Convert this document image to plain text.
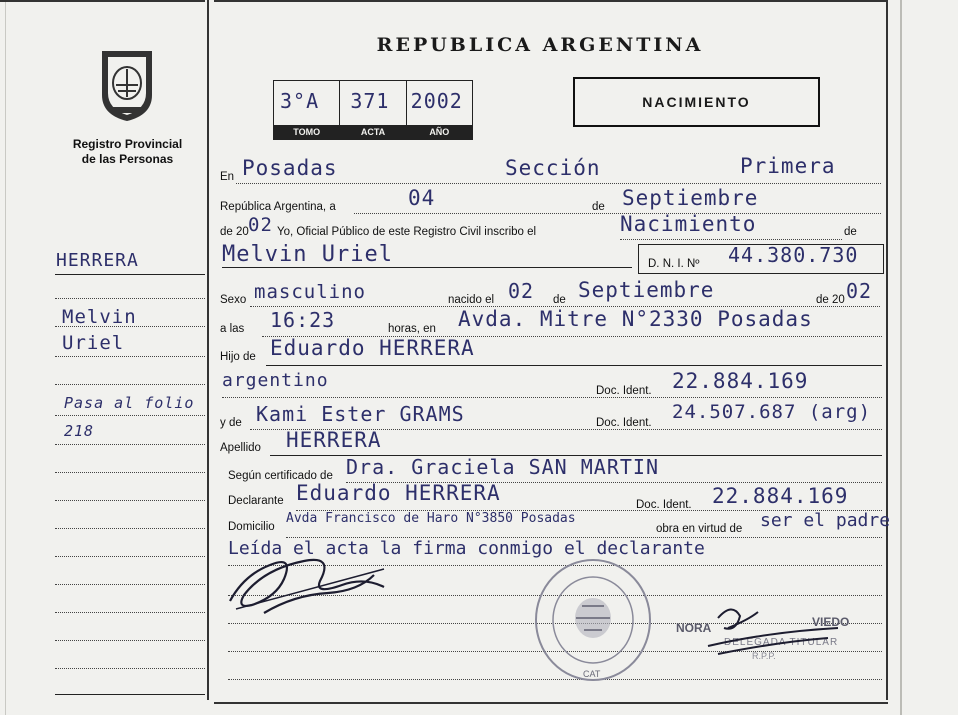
Registro Provincial
de las Personas
HERRERA
Melvin
Uriel
Pasa al folio
218
REPUBLICA ARGENTINA
3°A
TOMO
371
ACTA
2002
AÑO
NACIMIENTO
En Posadas	Sección	Primera
República Argentina, a	04	de Septiembre
de 20 02 Yo, Oficial Público de este Registro Civil inscribo el	Nacimiento	de
Melvin Uriel	D. N. I. Nº 44.380.730
Sexo masculino	nacido el 02 de Septiembre	de 20 02
a las 16:23	horas, en Avda. Mitre N°2330 Posadas
Hijo de Eduardo HERRERA
argentino	Doc. Ident. 22.884.169
y de Kami Ester GRAMS	Doc. Ident. 24.507.687 (arg)
Apellido HERRERA
Según certificado de Dra. Graciela SAN MARTIN
Declarante Eduardo HERRERA	Doc. Ident. 22.884.169
Domicilio
Avda Francisco de Haro N°3850 Posadas
obra en virtud de ser el padre
Leída el acta la firma conmigo el declarante
CAT
NORA	VIEDO
DELEGADA TITULAR
R.P.P.
